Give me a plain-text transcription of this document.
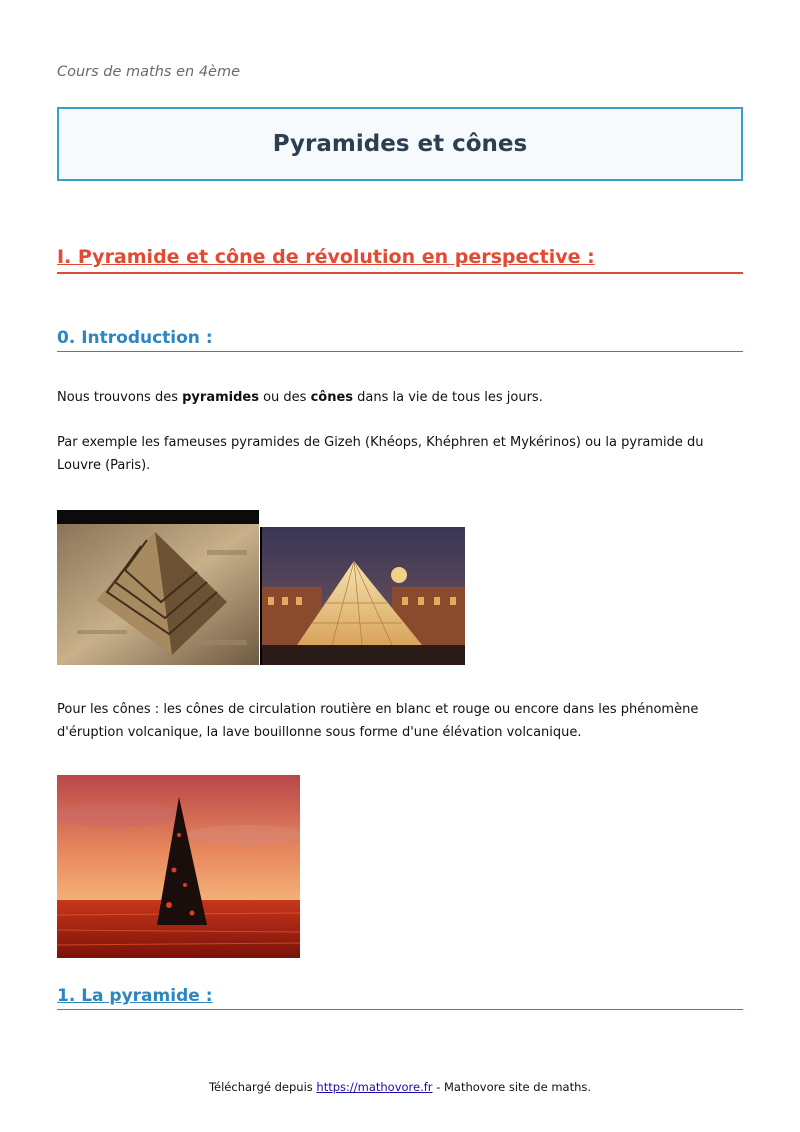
Cours de maths en 4ème
Pyramides et cônes
I. Pyramide et cône de révolution en perspective :
0. Introduction :
Nous trouvons des pyramides ou des cônes dans la vie de tous les jours.
Par exemple les fameuses pyramides de Gizeh (Khéops, Khéphren et Mykérinos) ou la pyramide du Louvre (Paris).
Pour les cônes : les cônes de circulation routière en blanc et rouge ou encore dans les phénomène d'éruption volcanique, la lave bouillonne sous forme d'une élévation volcanique.
1. La pyramide :
Téléchargé depuis https://mathovore.fr - Mathovore site de maths.
